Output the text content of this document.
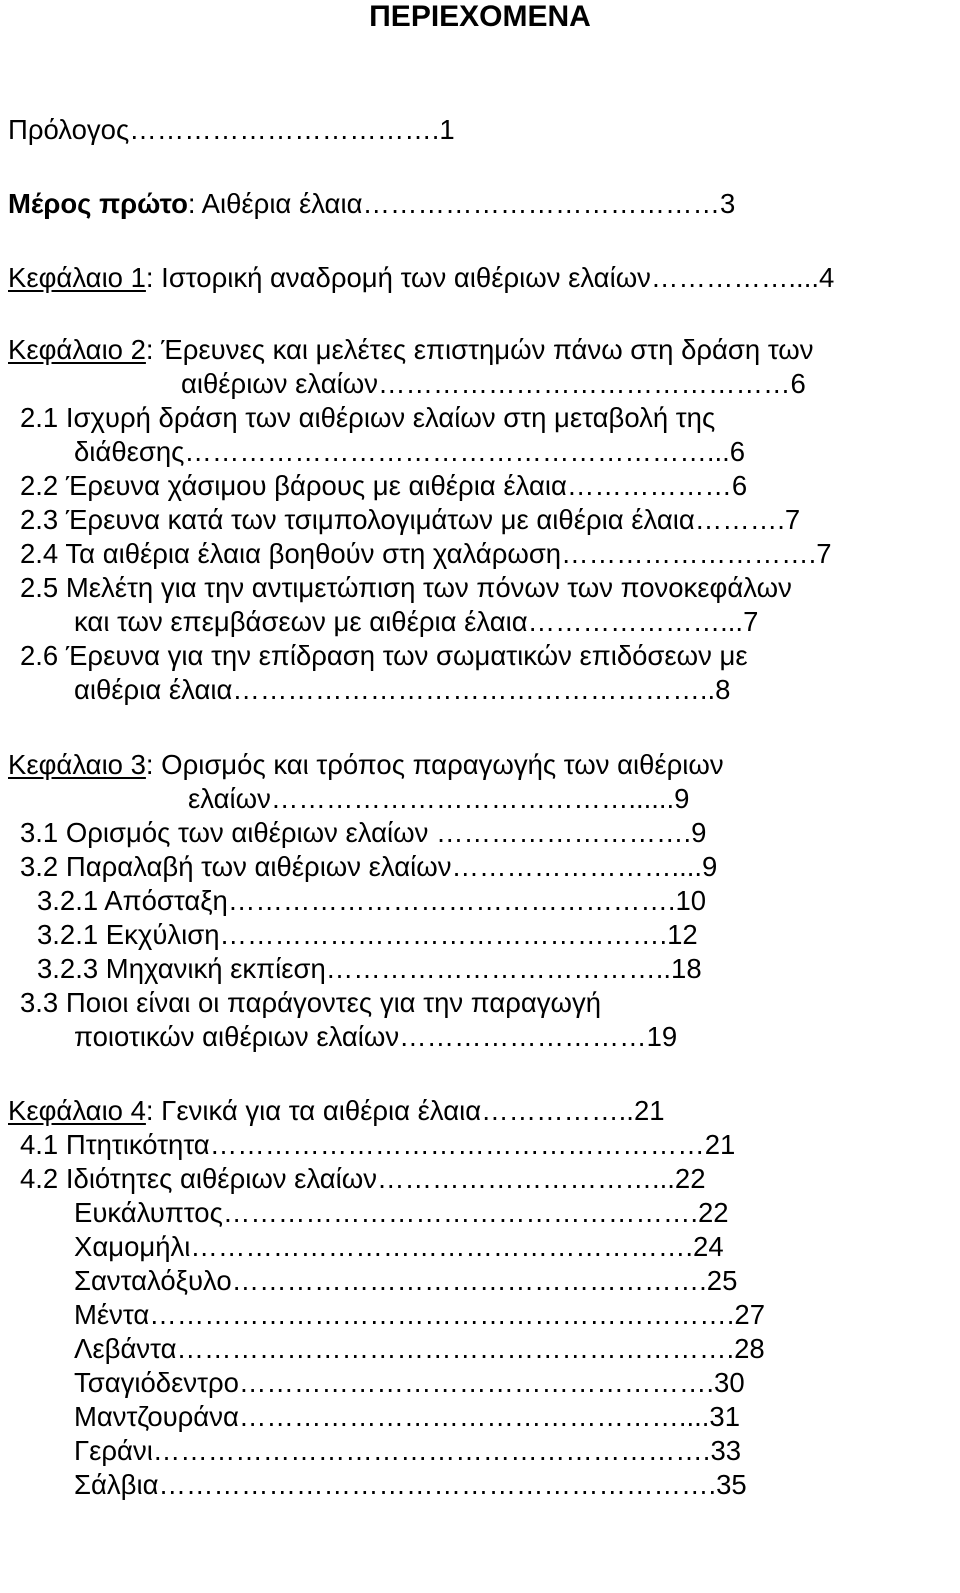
ΠΕΡΙΕΧΟΜΕΝΑ
Πρόλογος…………………………….1
Μέρος πρώτο: Αιθέρια έλαια…………………………………3
Κεφάλαιο 1: Ιστορική αναδρομή των αιθέριων ελαίων……………....4
Κεφάλαιο 2: Έρευνες και μελέτες επιστημών πάνω στη δράση των
αιθέριων ελαίων………………………………………6
2.1 Ισχυρή δράση των αιθέριων ελαίων στη μεταβολή της
διάθεσης…………………………………………………...6
2.2 Έρευνα χάσιμου βάρους με αιθέρια έλαια………………6
2.3 Έρευνα κατά των τσιμπολογιμάτων με αιθέρια έλαια……….7
2.4 Τα αιθέρια έλαια βοηθούν στη χαλάρωση……………………….7
2.5 Μελέτη για την αντιμετώπιση των πόνων των πονοκεφάλων
και των επεμβάσεων με αιθέρια έλαια…………………...7
2.6 Έρευνα για την επίδραση των σωματικών επιδόσεων με
αιθέρια έλαια……………………………………………..8
Κεφάλαιο 3: Ορισμός και τρόπος παραγωγής των αιθέριων
ελαίων…………………………………......9
3.1 Ορισμός των αιθέριων ελαίων ……………………….9
3.2 Παραλαβή των αιθέριων ελαίων……………………....9
3.2.1 Απόσταξη………………………………………….10
3.2.1 Εκχύλιση………………………………………….12
3.2.3 Μηχανική εκπίεση………………………………..18
3.3 Ποιοι είναι οι παράγοντες για την παραγωγή
ποιοτικών αιθέριων ελαίων………………………19
Κεφάλαιο 4: Γενικά για τα αιθέρια έλαια……………..21
4.1 Πτητικότητα………………………………………………21
4.2 Ιδιότητες αιθέριων ελαίων…………………………...22
Ευκάλυπτος…………………………………………….22
Χαμομήλι……………………………………………….24
Σανταλόξυλο…………………………………………….25
Μέντα……………………………………………………….27
Λεβάντα…………………………………………………….28
Τσαγιόδεντρο…………………………………………….30
Μαντζουράνα…………………………………………....31
Γεράνι…………………………………………………….33
Σάλβια…………………………………………………….35
